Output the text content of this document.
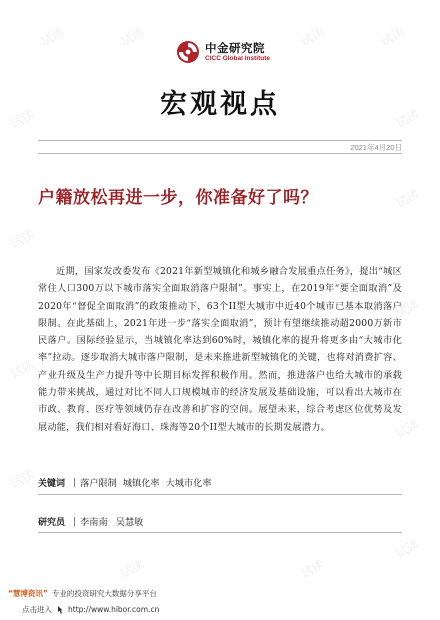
试读	试读	试读	试读
试读	试读
试读
试读
试读
试读
试读
试读
试读
试读	试读
中金研究院
CICC Global Institute
宏观视点
2021年4月20日
户籍放松再进一步，你准备好了吗？

近期，国家发改委发布《2021年新型城镇化和城乡融合发展重点任务》，提出“城区常住人口300万以下城市落实全面取消落户限制”。事实上，在2019年“要全面取消”及2020年“督促全面取消”的政策推动下，63个II型大城市中近40个城市已基本取消落户限制。在此基础上，2021年进一步“落实全面取消”，预计有望继续推动超2000万新市民落户。国际经验显示，当城镇化率达到60%时，城镇化率的提升将更多由“大城市化率”拉动。逐步取消大城市落户限制，是未来推进新型城镇化的关键，也将对消费扩容、产业升级及生产力提升等中长期目标发挥积极作用。然而，推进落户也给大城市的承载能力带来挑战，通过对比不同人口规模城市的经济发展及基础设施，可以看出大城市在市政、教育、医疗等领域仍存在改善和扩容的空间。展望未来，综合考虑区位优势及发展动能，我们相对看好海口、珠海等20个II型大城市的长期发展潜力。

关键词 | 落户限制 城镇化率 大城市化率
研究员 | 李南南 吴慧敏
“慧博资讯” 专业的投资研究大数据分享平台
点击进入 http://www.hibor.com.cn
